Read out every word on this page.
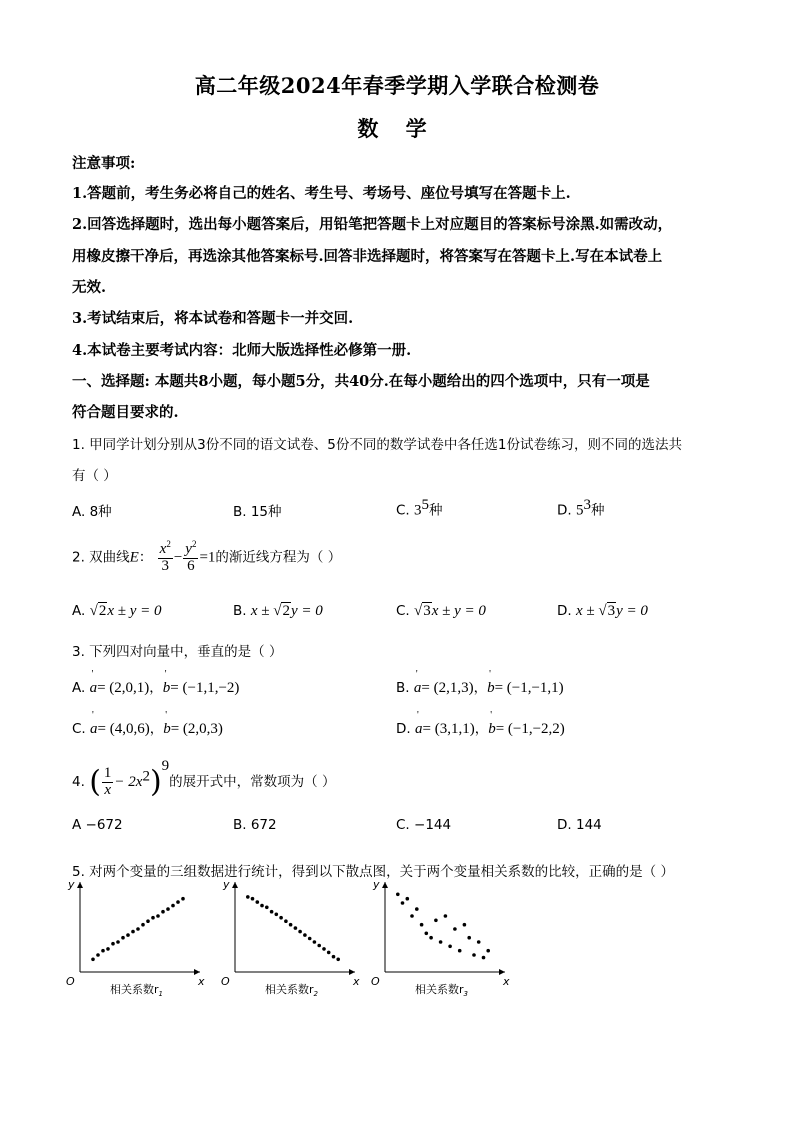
高二年级2024年春季学期入学联合检测卷
数 学
注意事项:
1.答题前，考生务必将自己的姓名、考生号、考场号、座位号填写在答题卡上.
2.回答选择题时，选出每小题答案后，用铅笔把答题卡上对应题目的答案标号涂黑.如需改动，
用橡皮擦干净后，再选涂其他答案标号.回答非选择题时，将答案写在答题卡上.写在本试卷上
无效.
3.考试结束后，将本试卷和答题卡一并交回.
4.本试卷主要考试内容：北师大版选择性必修第一册.
一、选择题: 本题共8小题，每小题5分，共40分.在每小题给出的四个选项中，只有一项是
符合题目要求的.
1. 甲同学计划分别从3份不同的语文试卷、5份不同的数学试卷中各任选1份试卷练习，则不同的选法共
有（ ）
A. 8种	B. 15种	C. $3^5$种	D. $5^3$种
2. 双曲线E： $\frac{x^2}{3} - \frac{y^2}{6} =1$的渐近线方程为（ ）
A. √2x ± y = 0	B. x ± √2y = 0	C. √3x ± y = 0	D. x ± √3y = 0
3. 下列四对向量中，垂直的是（ ）
A. ' a= (2,0,1)，' b= (−1,1,−2)	B. ' a= (2,1,3)，' b= (−1,−1,1)
C. ' a= (4,0,6)，' b= (2,0,3)	D. ' a= (3,1,1)，' b= (−1,−2,2)
4. ( $\frac{1}{x} - 2x^2)^9$的展开式中，常数项为（ ）
A −672	B. 672	C. −144	D. 144
5. 对两个变量的三组数据进行统计，得到以下散点图，关于两个变量相关系数的比较，正确的是（ ）
y
x
O
相关系数$r_1$
y
x
O
相关系数$r_2$
y
x
O
相关系数$r_3$
